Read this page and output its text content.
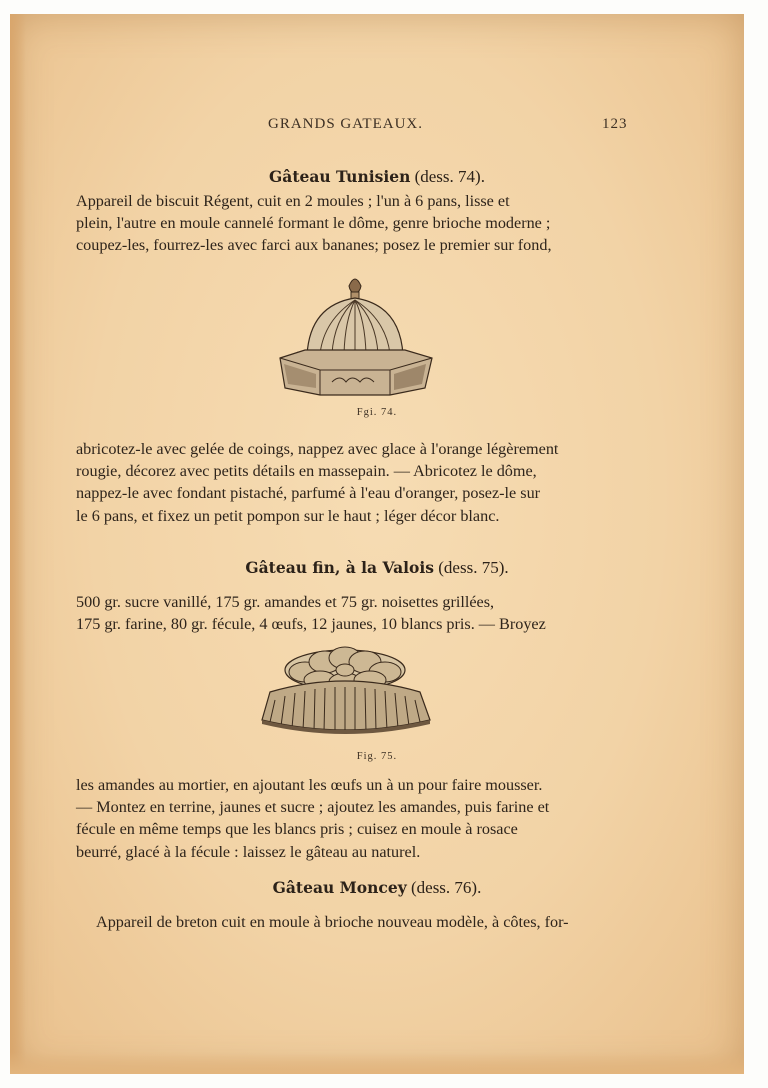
GRANDS GATEAUX.	123
Gâteau Tunisien (dess. 74).
Appareil de biscuit Régent, cuit en 2 moules ; l'un à 6 pans, lisse et
plein, l'autre en moule cannelé formant le dôme, genre brioche moderne ;
coupez-les, fourrez-les avec farci aux bananes; posez le premier sur fond,
Fgi. 74.
abricotez-le avec gelée de coings, nappez avec glace à l'orange légèrement
rougie, décorez avec petits détails en massepain. — Abricotez le dôme,
nappez-le avec fondant pistaché, parfumé à l'eau d'oranger, posez-le sur
le 6 pans, et fixez un petit pompon sur le haut ; léger décor blanc.
Gâteau fin, à la Valois (dess. 75).
500 gr. sucre vanillé, 175 gr. amandes et 75 gr. noisettes grillées,
175 gr. farine, 80 gr. fécule, 4 œufs, 12 jaunes, 10 blancs pris. — Broyez
Fig. 75.
les amandes au mortier, en ajoutant les œufs un à un pour faire mousser.
— Montez en terrine, jaunes et sucre ; ajoutez les amandes, puis farine et
fécule en même temps que les blancs pris ; cuisez en moule à rosace
beurré, glacé à la fécule : laissez le gâteau au naturel.
Gâteau Moncey (dess. 76).
Appareil de breton cuit en moule à brioche nouveau modèle, à côtes, for-
